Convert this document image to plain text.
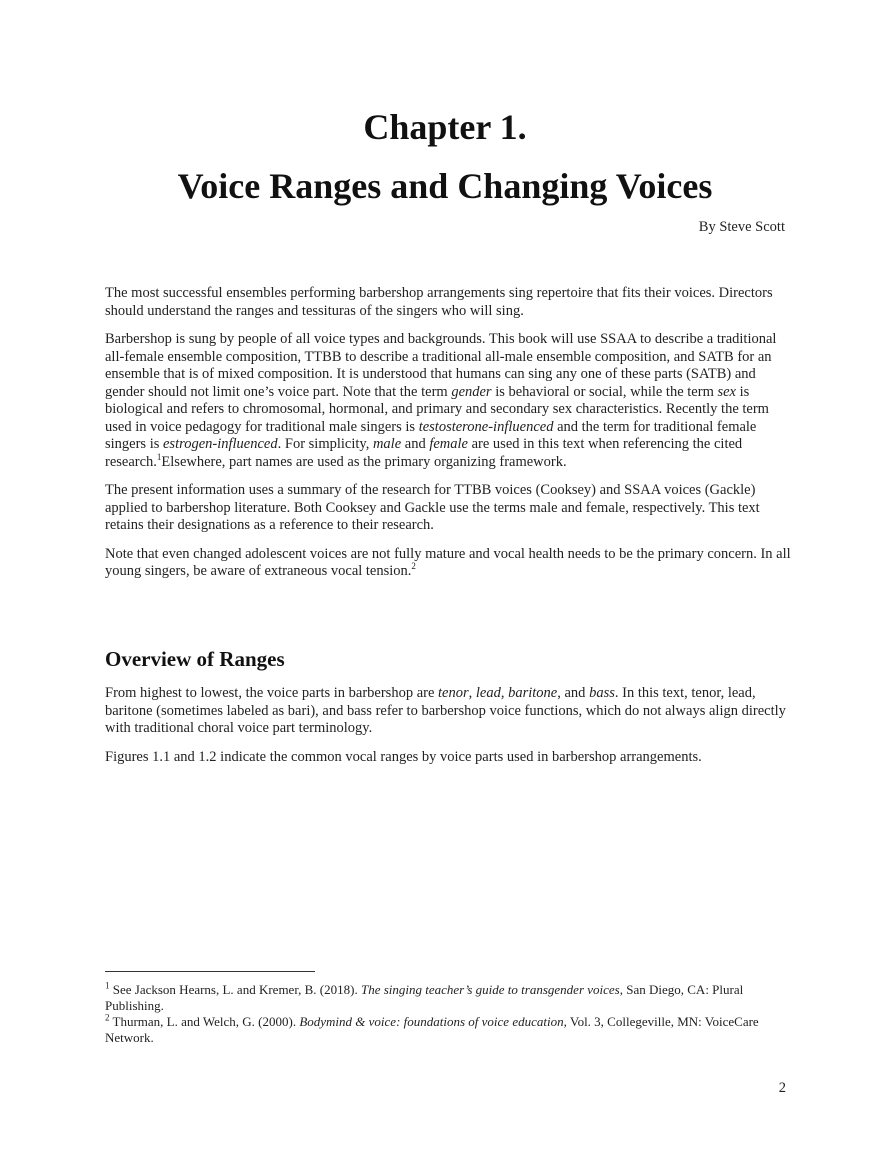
Chapter 1.
Voice Ranges and Changing Voices
By Steve Scott

The most successful ensembles performing barbershop arrangements sing repertoire that fits their voices. Directors should understand the ranges and tessituras of the singers who will sing.

Barbershop is sung by people of all voice types and backgrounds. This book will use SSAA to describe a traditional all-female ensemble composition, TTBB to describe a traditional all-male ensemble composition, and SATB for an ensemble that is of mixed composition. It is understood that humans can sing any one of these parts (SATB) and gender should not limit one’s voice part. Note that the term gender is behavioral or social, while the term sex is biological and refers to chromosomal, hormonal, and primary and secondary sex characteristics. Recently the term used in voice pedagogy for traditional male singers is testosterone-influenced and the term for traditional female singers is estrogen-influenced. For simplicity, male and female are used in this text when referencing the cited research.$^1$Elsewhere, part names are used as the primary organizing framework.

The present information uses a summary of the research for TTBB voices (Cooksey) and SSAA voices (Gackle) applied to barbershop literature. Both Cooksey and Gackle use the terms male and female, respectively. This text retains their designations as a reference to their research.

Note that even changed adolescent voices are not fully mature and vocal health needs to be the primary concern. In all young singers, be aware of extraneous vocal tension.$^2$

Overview of Ranges

From highest to lowest, the voice parts in barbershop are tenor, lead, baritone, and bass. In this text, tenor, lead, baritone (sometimes labeled as bari), and bass refer to barbershop voice functions, which do not always align directly with traditional choral voice part terminology.

Figures 1.1 and 1.2 indicate the common vocal ranges by voice parts used in barbershop arrangements.

$^1$ See Jackson Hearns, L. and Kremer, B. (2018). The singing teacher’s guide to transgender voices, San Diego, CA: Plural Publishing.

$^2$ Thurman, L. and Welch, G. (2000). Bodymind & voice: foundations of voice education, Vol. 3, Collegeville, MN: VoiceCare Network.

2
